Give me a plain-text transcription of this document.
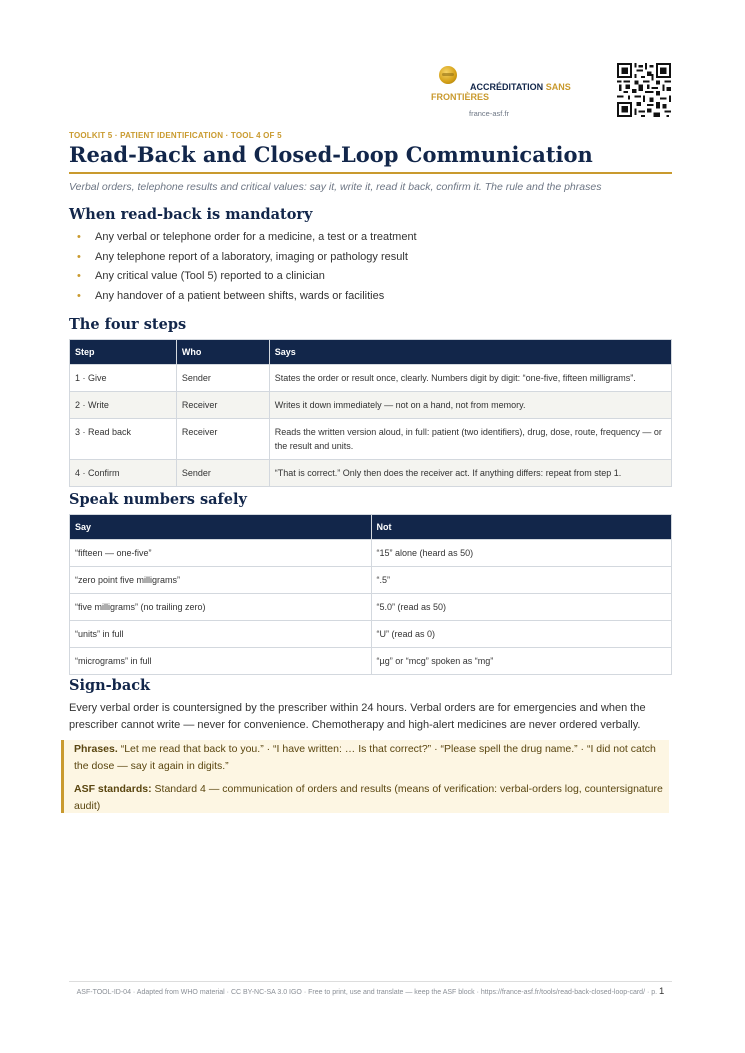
ACCRÉDITATION SANS FRONTIÈRES
france-asf.fr
TOOLKIT 5 · PATIENT IDENTIFICATION · TOOL 4 OF 5
Read-Back and Closed-Loop Communication
Verbal orders, telephone results and critical values: say it, write it, read it back, confirm it. The rule and the phrases
When read-back is mandatory
• Any verbal or telephone order for a medicine, a test or a treatment
• Any telephone report of a laboratory, imaging or pathology result
• Any critical value (Tool 5) reported to a clinician
• Any handover of a patient between shifts, wards or facilities
The four steps
Step	Who	Says
1 · Give	Sender	States the order or result once, clearly. Numbers digit by digit: “one-five, fifteen milligrams”.
2 · Write	Receiver	Writes it down immediately — not on a hand, not from memory.
3 · Read back	Receiver	Reads the written version aloud, in full: patient (two identifiers), drug, dose, route, frequency — or the result and units.
4 · Confirm	Sender	“That is correct.” Only then does the receiver act. If anything differs: repeat from step 1.
Speak numbers safely
Say	Not
“fifteen — one-five”	“15” alone (heard as 50)
“zero point five milligrams”	“.5”
“five milligrams” (no trailing zero)	“5.0” (read as 50)
“units” in full	“U” (read as 0)
“micrograms” in full	“µg” or “mcg” spoken as “mg”
Sign-back

Every verbal order is countersigned by the prescriber within 24 hours. Verbal orders are for emergencies and when the prescriber cannot write — never for convenience. Chemotherapy and high-alert medicines are never ordered verbally.

Phrases. “Let me read that back to you.” · “I have written: … Is that correct?” · “Please spell the drug name.” · “I did not catch the dose — say it again in digits.”

ASF standards: Standard 4 — communication of orders and results (means of verification: verbal-orders log, countersignature audit)

ASF-TOOL-ID-04 · Adapted from WHO material · CC BY-NC-SA 3.0 IGO · Free to print, use and translate — keep the ASF block · https://france-asf.fr/tools/read-back-closed-loop-card/ · p. 1
